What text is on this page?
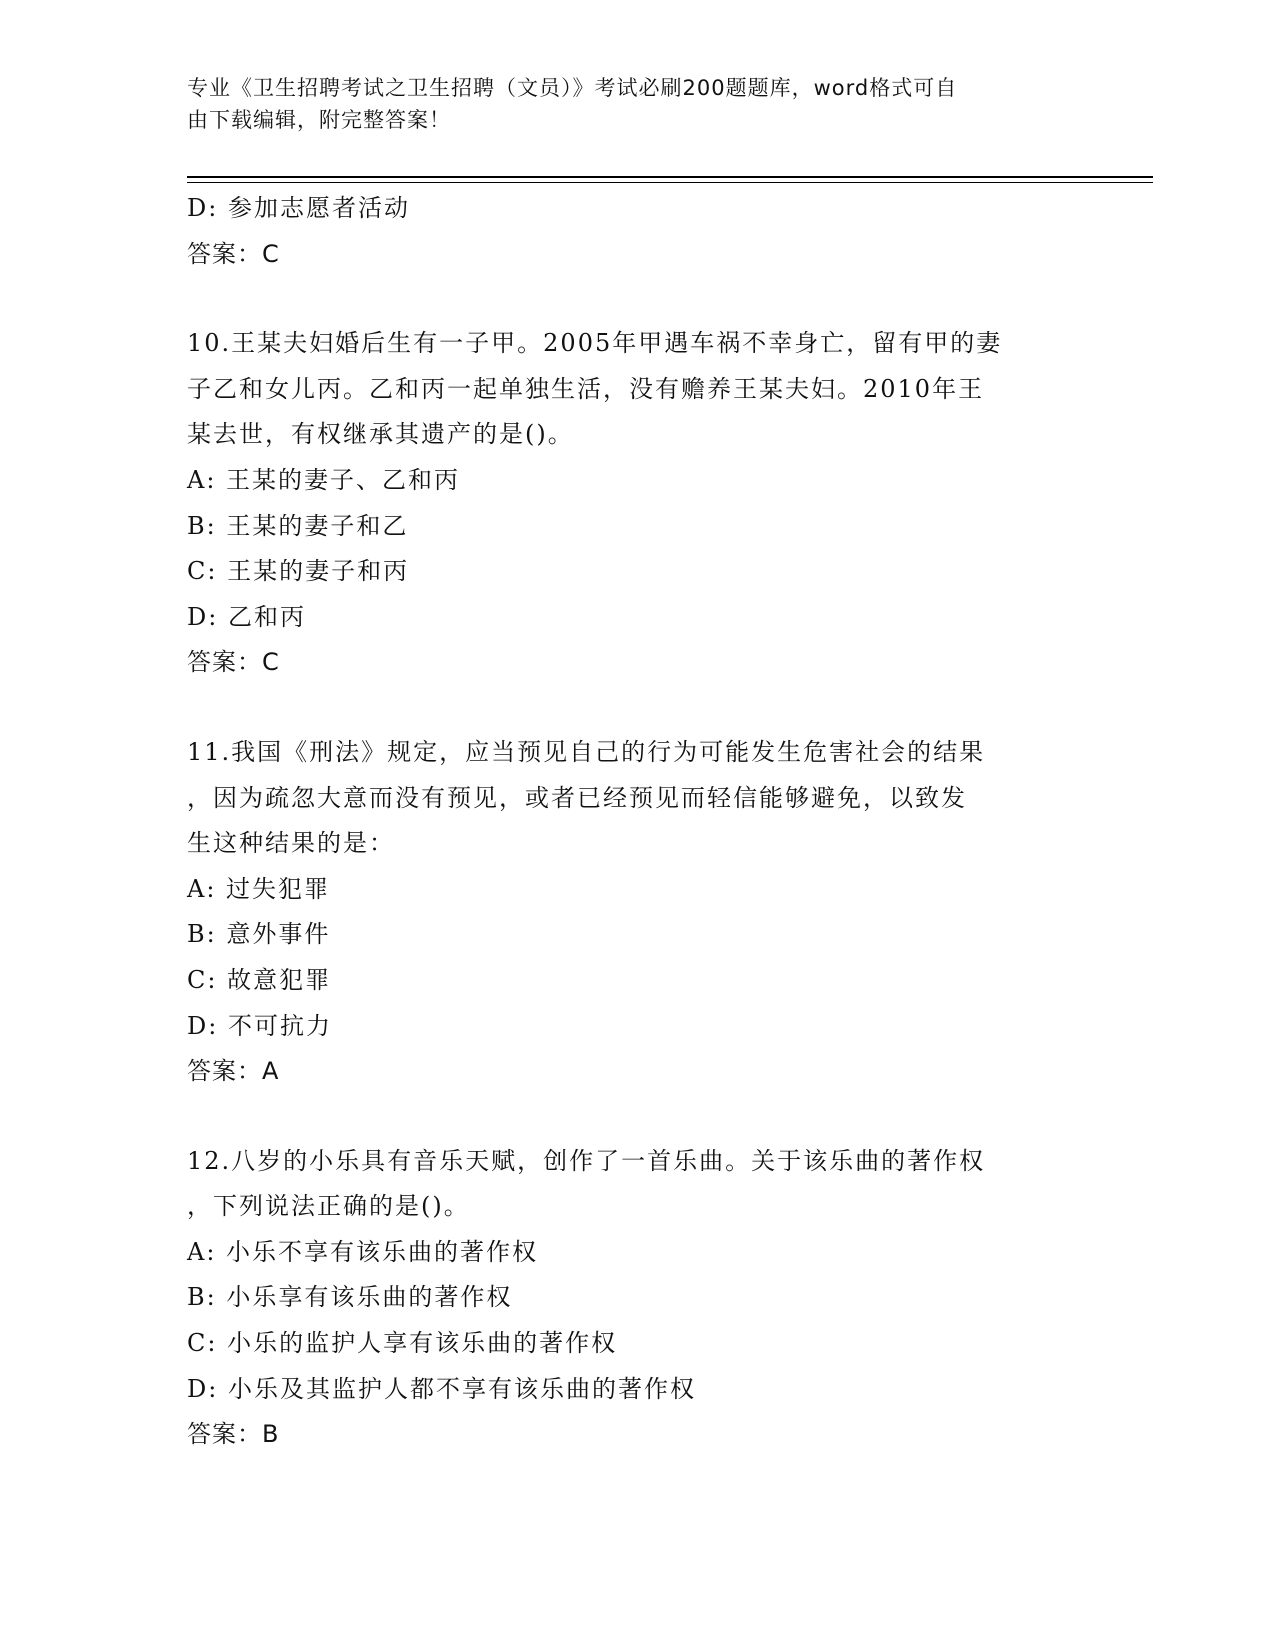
专业《卫生招聘考试之卫生招聘（文员）》考试必刷200题题库，word格式可自
由下载编辑，附完整答案！
D: 参加志愿者活动
答案：C
10.王某夫妇婚后生有一子甲。2005年甲遇车祸不幸身亡，留有甲的妻
子乙和女儿丙。乙和丙一起单独生活，没有赡养王某夫妇。2010年王
某去世，有权继承其遗产的是()。
A: 王某的妻子、乙和丙
B: 王某的妻子和乙
C: 王某的妻子和丙
D: 乙和丙
答案：C
11.我国《刑法》规定，应当预见自己的行为可能发生危害社会的结果
，因为疏忽大意而没有预见，或者已经预见而轻信能够避免，以致发
生这种结果的是：
A: 过失犯罪
B: 意外事件
C: 故意犯罪
D: 不可抗力
答案：A
12.八岁的小乐具有音乐天赋，创作了一首乐曲。关于该乐曲的著作权
，下列说法正确的是()。
A: 小乐不享有该乐曲的著作权
B: 小乐享有该乐曲的著作权
C: 小乐的监护人享有该乐曲的著作权
D: 小乐及其监护人都不享有该乐曲的著作权
答案：B
